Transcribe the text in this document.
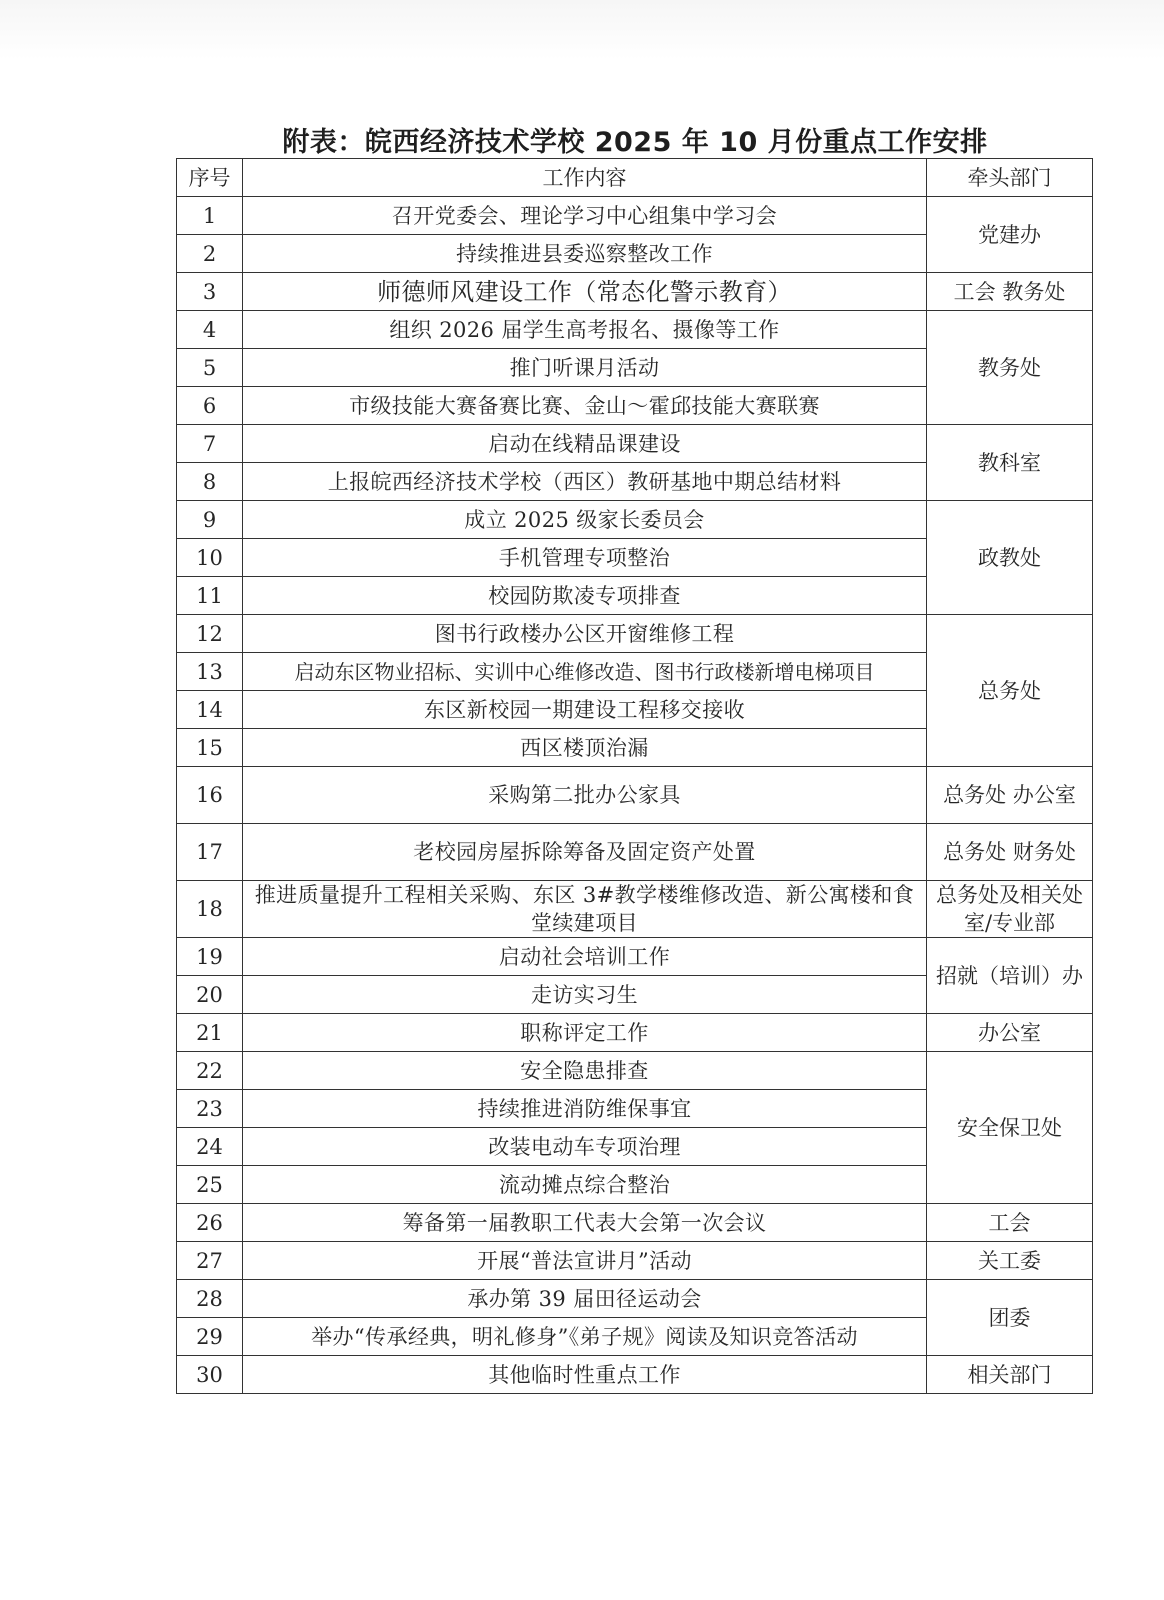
附表：皖西经济技术学校 2025 年 10 月份重点工作安排
序号	工作内容	牵头部门
1	召开党委会、理论学习中心组集中学习会	党建办
2	持续推进县委巡察整改工作	
3	师德师风建设工作（常态化警示教育）	工会 教务处
4	组织 2026 届学生高考报名、摄像等工作	教务处
5	推门听课月活动	
6	市级技能大赛备赛比赛、金山～霍邱技能大赛联赛	
7	启动在线精品课建设	教科室
8	上报皖西经济技术学校（西区）教研基地中期总结材料	
9	成立 2025 级家长委员会	政教处
10	手机管理专项整治	
11	校园防欺凌专项排查	
12	图书行政楼办公区开窗维修工程	总务处
13	启动东区物业招标、实训中心维修改造、图书行政楼新增电梯项目	
14	东区新校园一期建设工程移交接收	
15	西区楼顶治漏	
16	采购第二批办公家具	总务处 办公室
17	老校园房屋拆除筹备及固定资产处置	总务处 财务处
18	推进质量提升工程相关采购、东区 3#教学楼维修改造、新公寓楼和食堂续建项目	总务处及相关处室/专业部
19	启动社会培训工作	招就（培训）办
20	走访实习生	
21	职称评定工作	办公室
22	安全隐患排查	安全保卫处
23	持续推进消防维保事宜	
24	改装电动车专项治理	
25	流动摊点综合整治	
26	筹备第一届教职工代表大会第一次会议	工会
27	开展“普法宣讲月”活动	关工委
28	承办第 39 届田径运动会	团委
29	举办“传承经典，明礼修身”《弟子规》阅读及知识竞答活动	
30	其他临时性重点工作	相关部门
